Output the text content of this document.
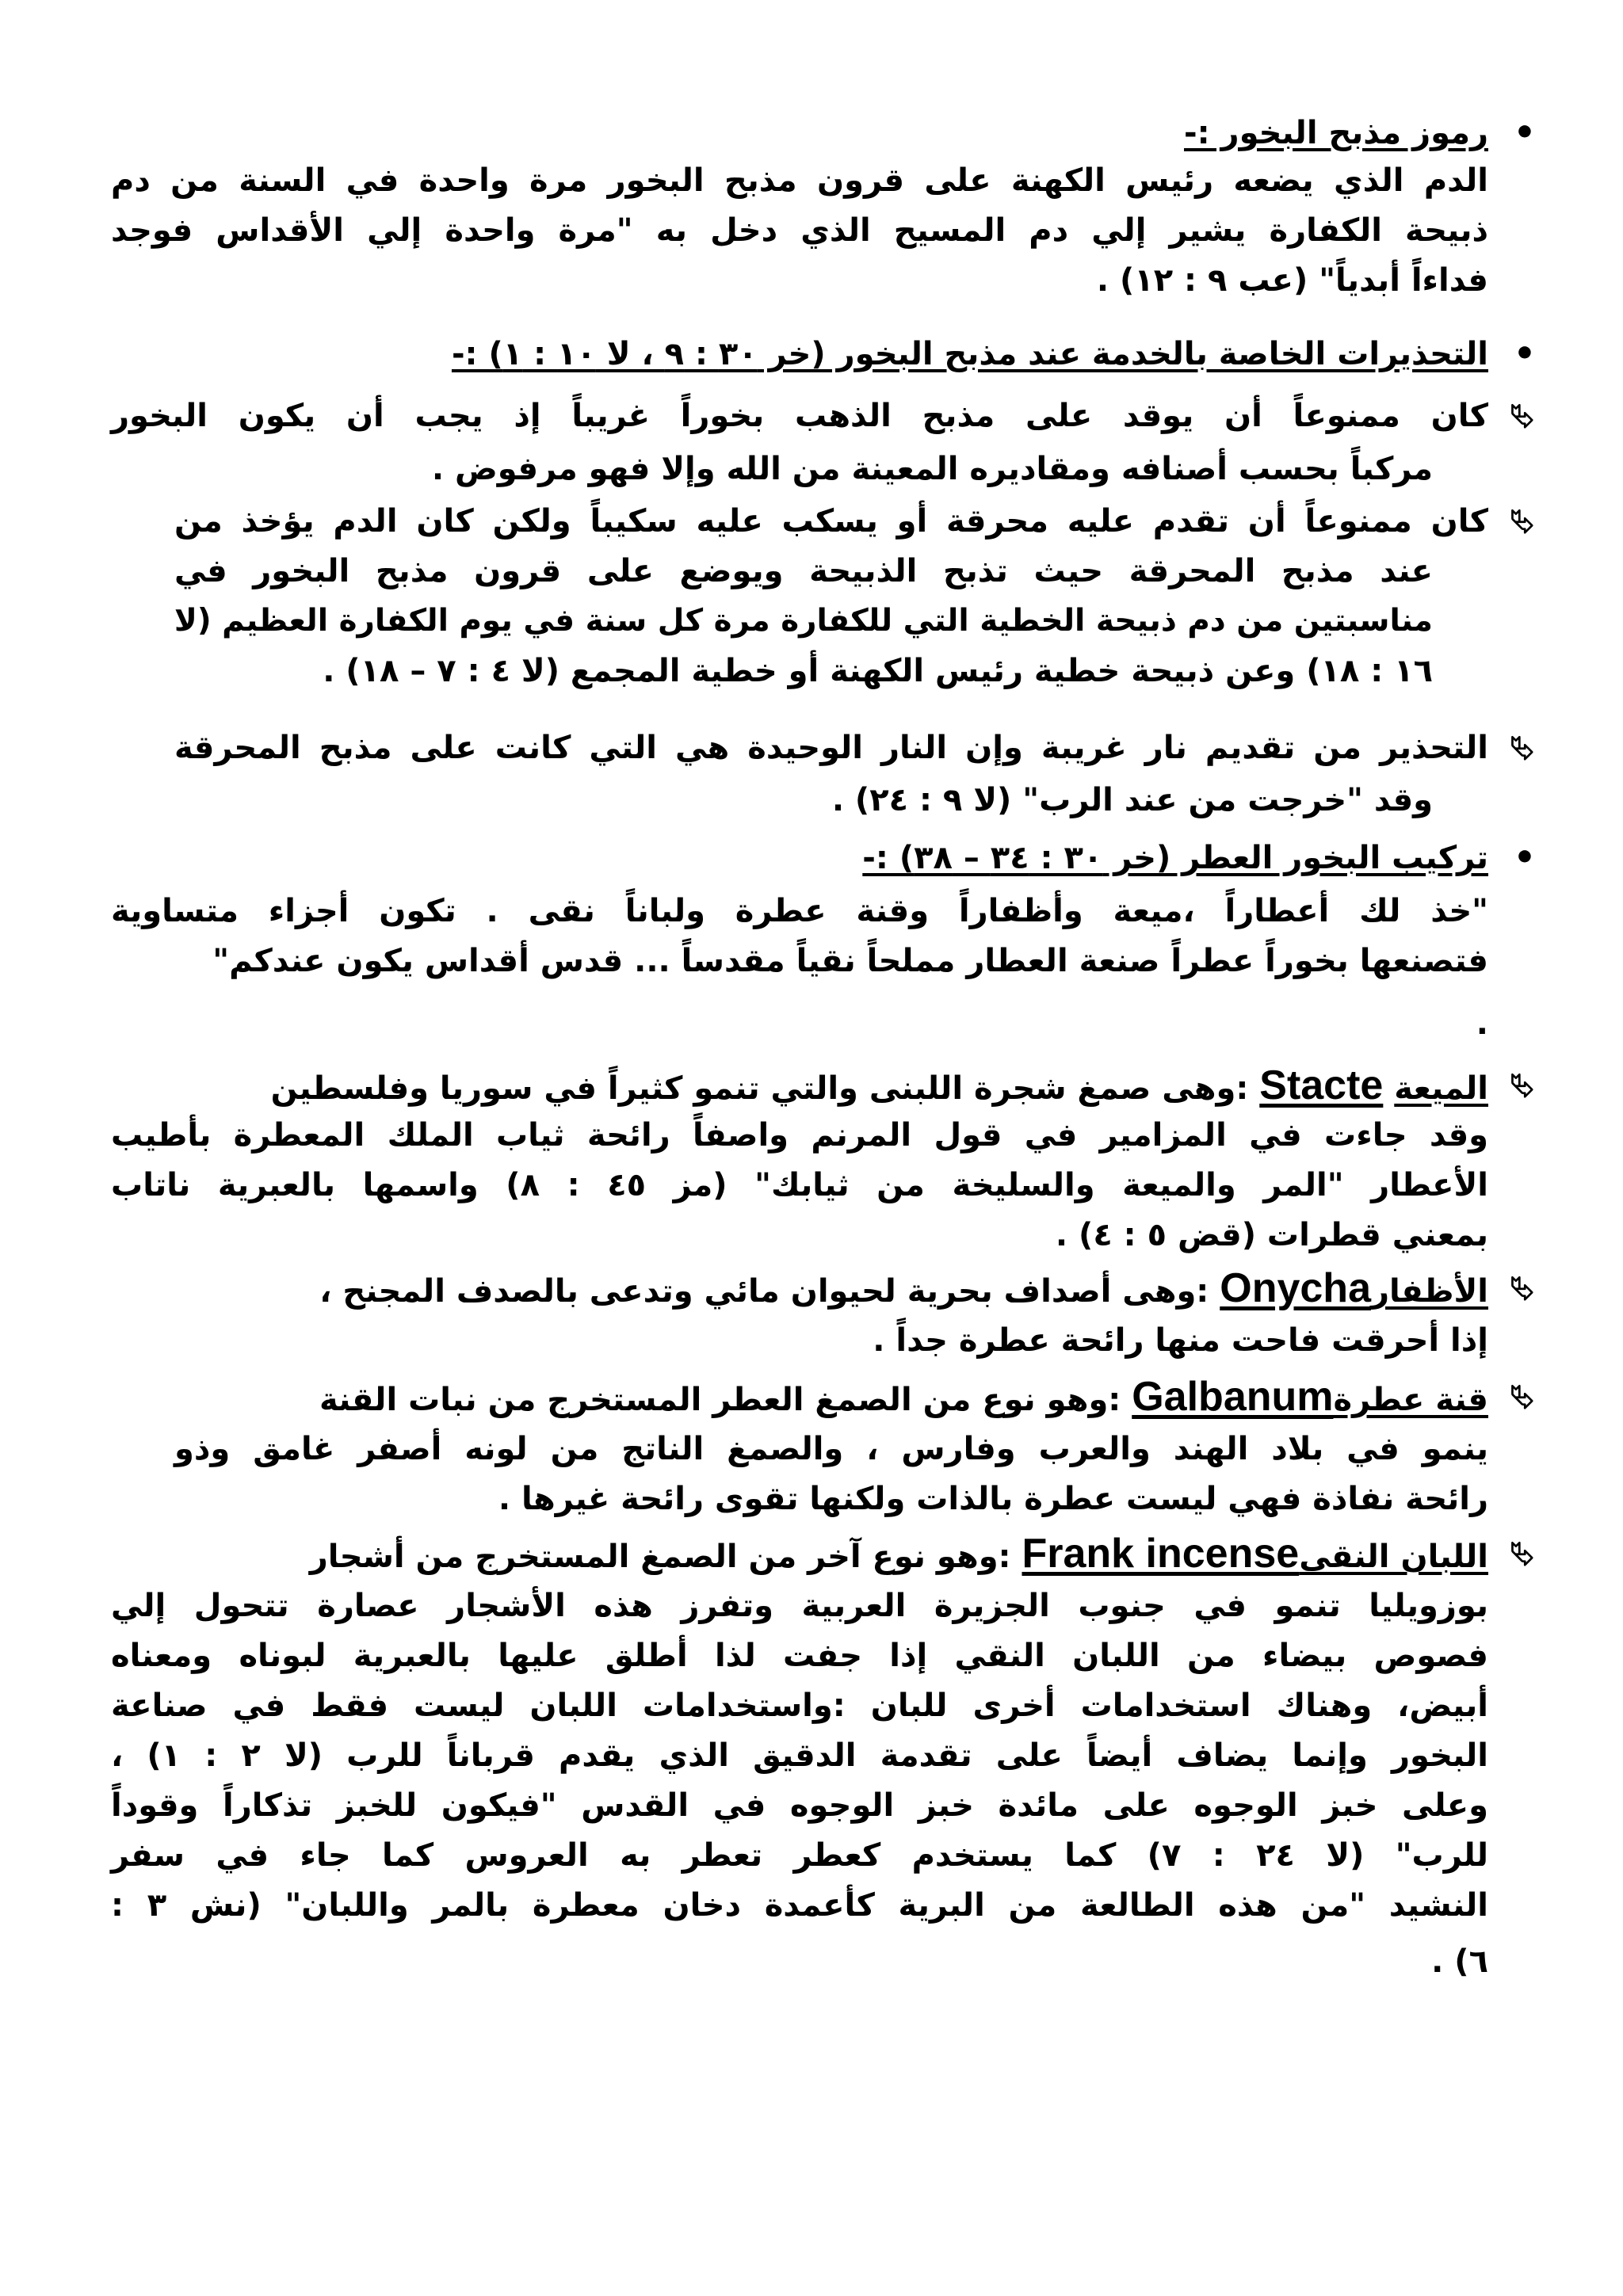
•
رموز مذبح البخور :-
الدم الذي يضعه رئيس الكهنة على قرون مذبح البخور مرة واحدة في السنة من دم
ذبيحة الكفارة يشير إلي دم المسيح الذي دخل به "مرة واحدة إلي الأقداس فوجد
فداءاً أبدياً" (عب ٩ : ١٢) .
•
التحذيرات الخاصة بالخدمة عند مذبح البخور (خر ٣٠ : ٩ ، لا ١٠ : ١) :-
⮱
كان ممنوعاً أن يوقد على مذبح الذهب بخوراً غريباً إذ يجب أن يكون البخور
مركباً بحسب أصنافه ومقاديره المعينة من الله وإلا فهو مرفوض .
⮱
كان ممنوعاً أن تقدم عليه محرقة أو يسكب عليه سكيباً ولكن كان الدم يؤخذ من
عند مذبح المحرقة حيث تذبح الذبيحة ويوضع على قرون مذبح البخور في
مناسبتين من دم ذبيحة الخطية التي للكفارة مرة كل سنة في يوم الكفارة العظيم (لا
١٦ : ١٨) وعن ذبيحة خطية رئيس الكهنة أو خطية المجمع (لا ٤ : ٧ – ١٨) .
⮱
التحذير من تقديم نار غريبة وإن النار الوحيدة هي التي كانت على مذبح المحرقة
وقد "خرجت من عند الرب" (لا ٩ : ٢٤) .
•
تركيب البخور العطر (خر ٣٠ : ٣٤ – ٣٨) :-
"خذ لك أعطاراً ،ميعة وأظفاراً وقنة عطرة ولباناً نقى . تكون أجزاء متساوية
فتصنعها بخوراً عطراً صنعة العطار مملحاً نقياً مقدساً ... قدس أقداس يكون عندكم"
.
⮱
الميعة Stacte :وهى صمغ شجرة اللبنى والتي تنمو كثيراً في سوريا وفلسطين
وقد جاءت في المزامير في قول المرنم واصفاً رائحة ثياب الملك المعطرة بأطيب
الأعطار "المر والميعة والسليخة من ثيابك" (مز ٤٥ : ٨) واسمها بالعبرية ناتاب
بمعني قطرات (قض ٥ : ٤) .
⮱
الأظفارOnycha :وهى أصداف بحرية لحيوان مائي وتدعى بالصدف المجنح ،
إذا أحرقت فاحت منها رائحة عطرة جداً .
⮱
قنة عطرةGalbanum :وهو نوع من الصمغ العطر المستخرج من نبات القنة
ينمو في بلاد الهند والعرب وفارس ، والصمغ الناتج من لونه أصفر غامق وذو
رائحة نفاذة فهي ليست عطرة بالذات ولكنها تقوى رائحة غيرها .
⮱
اللبان النقىFrank incense :وهو نوع آخر من الصمغ المستخرج من أشجار
بوزويليا تنمو في جنوب الجزيرة العربية وتفرز هذه الأشجار عصارة تتحول إلي
فصوص بيضاء من اللبان النقي إذا جفت لذا أطلق عليها بالعبرية لبوناه ومعناه
أبيض، وهناك استخدامات أخرى للبان :واستخدامات اللبان ليست فقط في صناعة
البخور وإنما يضاف أيضاً على تقدمة الدقيق الذي يقدم قرباناً للرب (لا ٢ : ١) ،
وعلى خبز الوجوه على مائدة خبز الوجوه في القدس "فيكون للخبز تذكاراً وقوداً
للرب" (لا ٢٤ : ٧) كما يستخدم كعطر تعطر به العروس كما جاء في سفر
النشيد "من هذه الطالعة من البرية كأعمدة دخان معطرة بالمر واللبان" (نش ٣ :
٦) .
